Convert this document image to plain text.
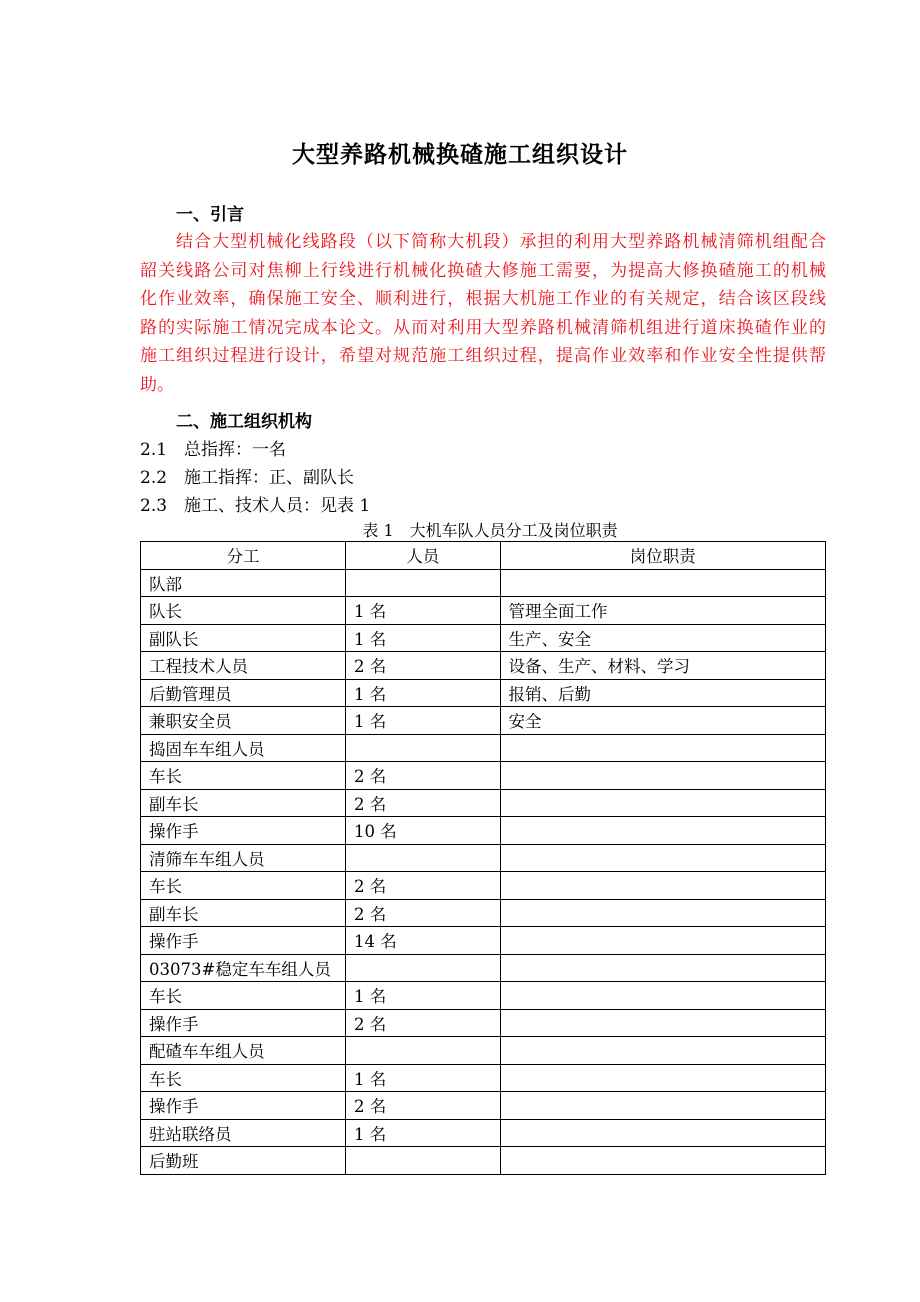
大型养路机械换碴施工组织设计
一、引言
结合大型机械化线路段（以下简称大机段）承担的利用大型养路机械清筛机组配合
韶关线路公司对焦柳上行线进行机械化换碴大修施工需要，为提高大修换碴施工的机械
化作业效率，确保施工安全、顺利进行，根据大机施工作业的有关规定，结合该区段线
路的实际施工情况完成本论文。从而对利用大型养路机械清筛机组进行道床换碴作业的
施工组织过程进行设计，希望对规范施工组织过程，提高作业效率和作业安全性提供帮
助。
二、施工组织机构
2.1 总指挥：一名
2.2 施工指挥：正、副队长
2.3 施工、技术人员：见表 1
表 1　大机车队人员分工及岗位职责
分工	人员	岗位职责
队部		
队长	1 名	管理全面工作
副队长	1 名	生产、安全
工程技术人员	2 名	设备、生产、材料、学习
后勤管理员	1 名	报销、后勤
兼职安全员	1 名	安全
捣固车车组人员		
车长	2 名	
副车长	2 名	
操作手	10 名	
清筛车车组人员		
车长	2 名	
副车长	2 名	
操作手	14 名	
03073#稳定车车组人员		
车长	1 名	
操作手	2 名	
配碴车车组人员		
车长	1 名	
操作手	2 名	
驻站联络员	1 名	
后勤班		
